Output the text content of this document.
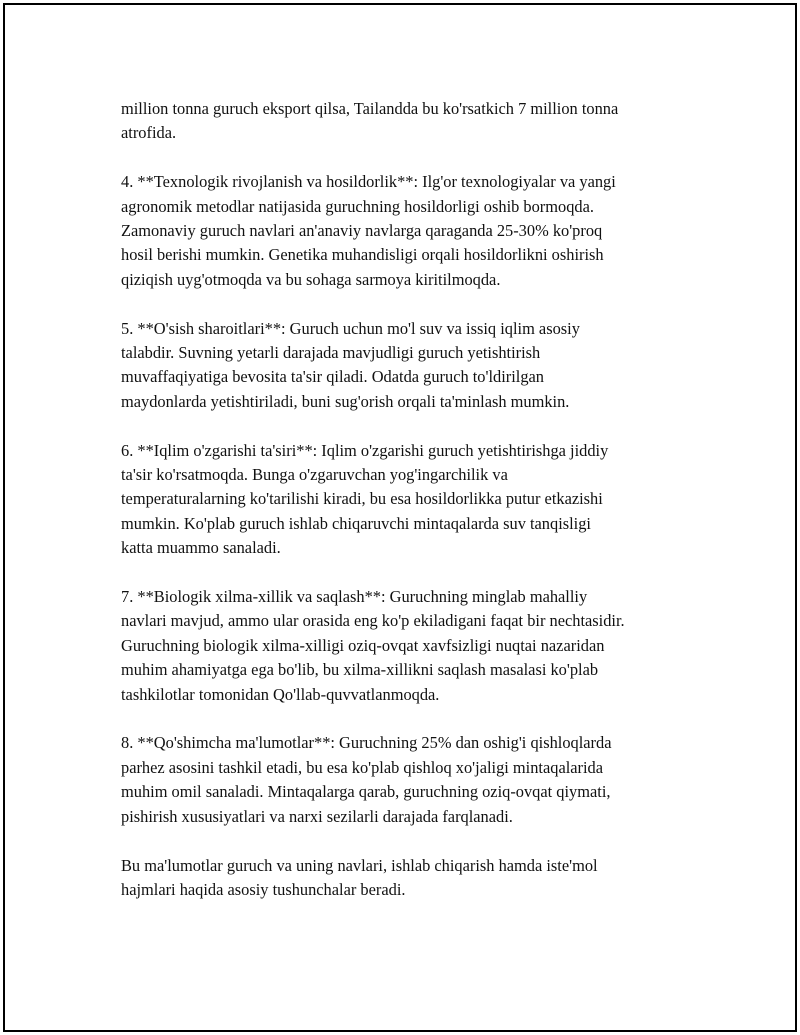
million tonna guruch eksport qilsa, Tailandda bu ko'rsatkich 7 million tonna
atrofida.

4. **Texnologik rivojlanish va hosildorlik**: Ilg'or texnologiyalar va yangi
agronomik metodlar natijasida guruchning hosildorligi oshib bormoqda.
Zamonaviy guruch navlari an'anaviy navlarga qaraganda 25-30% ko'proq
hosil berishi mumkin. Genetika muhandisligi orqali hosildorlikni oshirish
qiziqish uyg'otmoqda va bu sohaga sarmoya kiritilmoqda.

5. **O'sish sharoitlari**: Guruch uchun mo'l suv va issiq iqlim asosiy
talabdir. Suvning yetarli darajada mavjudligi guruch yetishtirish
muvaffaqiyatiga bevosita ta'sir qiladi. Odatda guruch to'ldirilgan
maydonlarda yetishtiriladi, buni sug'orish orqali ta'minlash mumkin.

6. **Iqlim o'zgarishi ta'siri**: Iqlim o'zgarishi guruch yetishtirishga jiddiy
ta'sir ko'rsatmoqda. Bunga o'zgaruvchan yog'ingarchilik va
temperaturalarning ko'tarilishi kiradi, bu esa hosildorlikka putur etkazishi
mumkin. Ko'plab guruch ishlab chiqaruvchi mintaqalarda suv tanqisligi
katta muammo sanaladi.

7. **Biologik xilma-xillik va saqlash**: Guruchning minglab mahalliy
navlari mavjud, ammo ular orasida eng ko'p ekiladigani faqat bir nechtasidir.
Guruchning biologik xilma-xilligi oziq-ovqat xavfsizligi nuqtai nazaridan
muhim ahamiyatga ega bo'lib, bu xilma-xillikni saqlash masalasi ko'plab
tashkilotlar tomonidan Qo'llab-quvvatlanmoqda.

8. **Qo'shimcha ma'lumotlar**: Guruchning 25% dan oshig'i qishloqlarda
parhez asosini tashkil etadi, bu esa ko'plab qishloq xo'jaligi mintaqalarida
muhim omil sanaladi. Mintaqalarga qarab, guruchning oziq-ovqat qiymati,
pishirish xususiyatlari va narxi sezilarli darajada farqlanadi.

Bu ma'lumotlar guruch va uning navlari, ishlab chiqarish hamda iste'mol
hajmlari haqida asosiy tushunchalar beradi.
